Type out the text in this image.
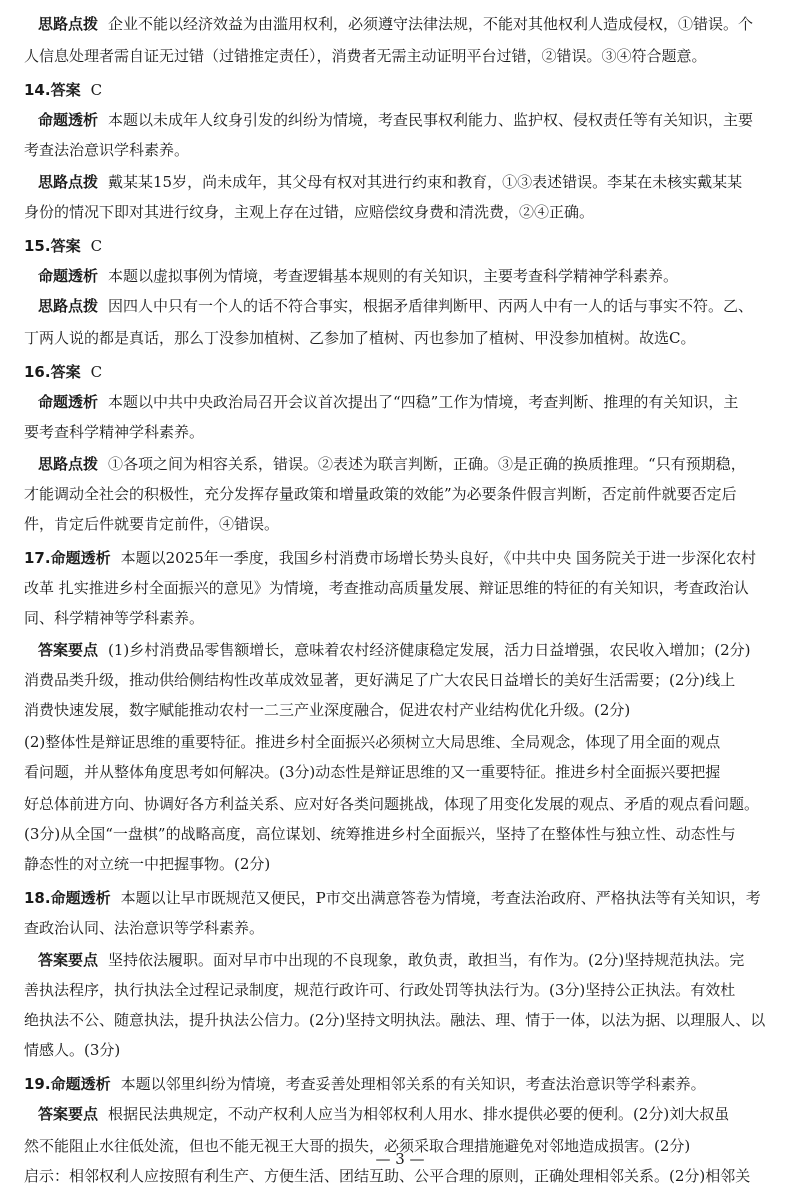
思路点拨 企业不能以经济效益为由滥用权利，必须遵守法律法规，不能对其他权利人造成侵权，①错误。个
人信息处理者需自证无过错（过错推定责任），消费者无需主动证明平台过错，②错误。③④符合题意。
14.答案 C
命题透析 本题以未成年人纹身引发的纠纷为情境，考查民事权利能力、监护权、侵权责任等有关知识，主要
考查法治意识学科素养。
思路点拨 戴某某15岁，尚未成年，其父母有权对其进行约束和教育，①③表述错误。李某在未核实戴某某
身份的情况下即对其进行纹身，主观上存在过错，应赔偿纹身费和清洗费，②④正确。
15.答案 C
命题透析 本题以虚拟事例为情境，考查逻辑基本规则的有关知识，主要考查科学精神学科素养。
思路点拨 因四人中只有一个人的话不符合事实，根据矛盾律判断甲、丙两人中有一人的话与事实不符。乙、
丁两人说的都是真话，那么丁没参加植树、乙参加了植树、丙也参加了植树、甲没参加植树。故选C。
16.答案 C
命题透析 本题以中共中央政治局召开会议首次提出了“四稳”工作为情境，考查判断、推理的有关知识，主
要考查科学精神学科素养。
思路点拨 ①各项之间为相容关系，错误。②表述为联言判断，正确。③是正确的换质推理。“只有预期稳，
才能调动全社会的积极性，充分发挥存量政策和增量政策的效能”为必要条件假言判断，否定前件就要否定后
件，肯定后件就要肯定前件，④错误。
17.命题透析 本题以2025年一季度，我国乡村消费市场增长势头良好，《中共中央 国务院关于进一步深化农村
改革 扎实推进乡村全面振兴的意见》为情境，考查推动高质量发展、辩证思维的特征的有关知识，考查政治认
同、科学精神等学科素养。
答案要点 (1)乡村消费品零售额增长，意味着农村经济健康稳定发展，活力日益增强，农民收入增加；(2分)
消费品类升级，推动供给侧结构性改革成效显著，更好满足了广大农民日益增长的美好生活需要；(2分)线上
消费快速发展，数字赋能推动农村一二三产业深度融合，促进农村产业结构优化升级。(2分)
(2)整体性是辩证思维的重要特征。推进乡村全面振兴必须树立大局思维、全局观念，体现了用全面的观点
看问题，并从整体角度思考如何解决。(3分)动态性是辩证思维的又一重要特征。推进乡村全面振兴要把握
好总体前进方向、协调好各方利益关系、应对好各类问题挑战，体现了用变化发展的观点、矛盾的观点看问题。
(3分)从全国“一盘棋”的战略高度，高位谋划、统筹推进乡村全面振兴，坚持了在整体性与独立性、动态性与
静态性的对立统一中把握事物。(2分)
18.命题透析 本题以让早市既规范又便民，P市交出满意答卷为情境，考查法治政府、严格执法等有关知识，考
查政治认同、法治意识等学科素养。
答案要点 坚持依法履职。面对早市中出现的不良现象，敢负责，敢担当，有作为。(2分)坚持规范执法。完
善执法程序，执行执法全过程记录制度，规范行政许可、行政处罚等执法行为。(3分)坚持公正执法。有效杜
绝执法不公、随意执法，提升执法公信力。(2分)坚持文明执法。融法、理、情于一体，以法为据、以理服人、以
情感人。(3分)
19.命题透析 本题以邻里纠纷为情境，考查妥善处理相邻关系的有关知识，考查法治意识等学科素养。
答案要点 根据民法典规定，不动产权利人应当为相邻权利人用水、排水提供必要的便利。(2分)刘大叔虽
然不能阻止水往低处流，但也不能无视王大哥的损失，必须采取合理措施避免对邻地造成损害。(2分)
启示：相邻权利人应按照有利生产、方便生活、团结互助、公平合理的原则，正确处理相邻关系。(2分)相邻关
— 3 —
